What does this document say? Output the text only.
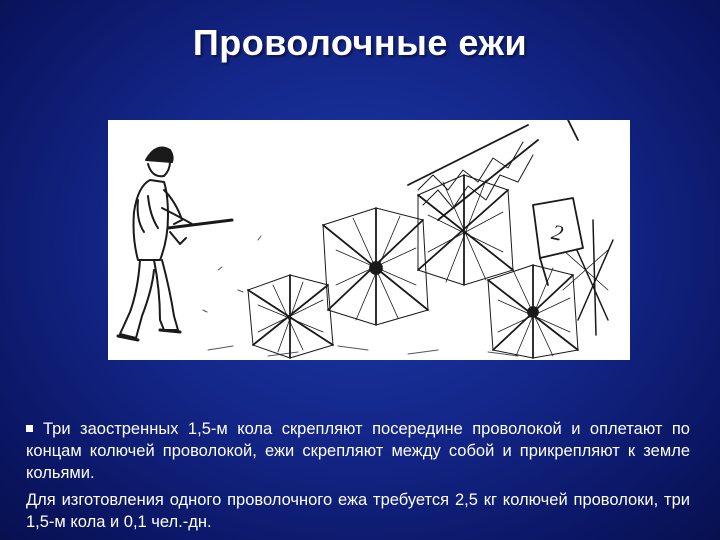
Проволочные ежи
2

Три заостренных 1,5-м кола скрепляют посередине проволокой и оплетают по концам колючей проволокой, ежи скрепляют между собой и прикрепляют к земле кольями.

Для изготовления одного проволочного ежа требуется 2,5 кг колючей проволоки, три 1,5-м кола и 0,1 чел.-дн.
